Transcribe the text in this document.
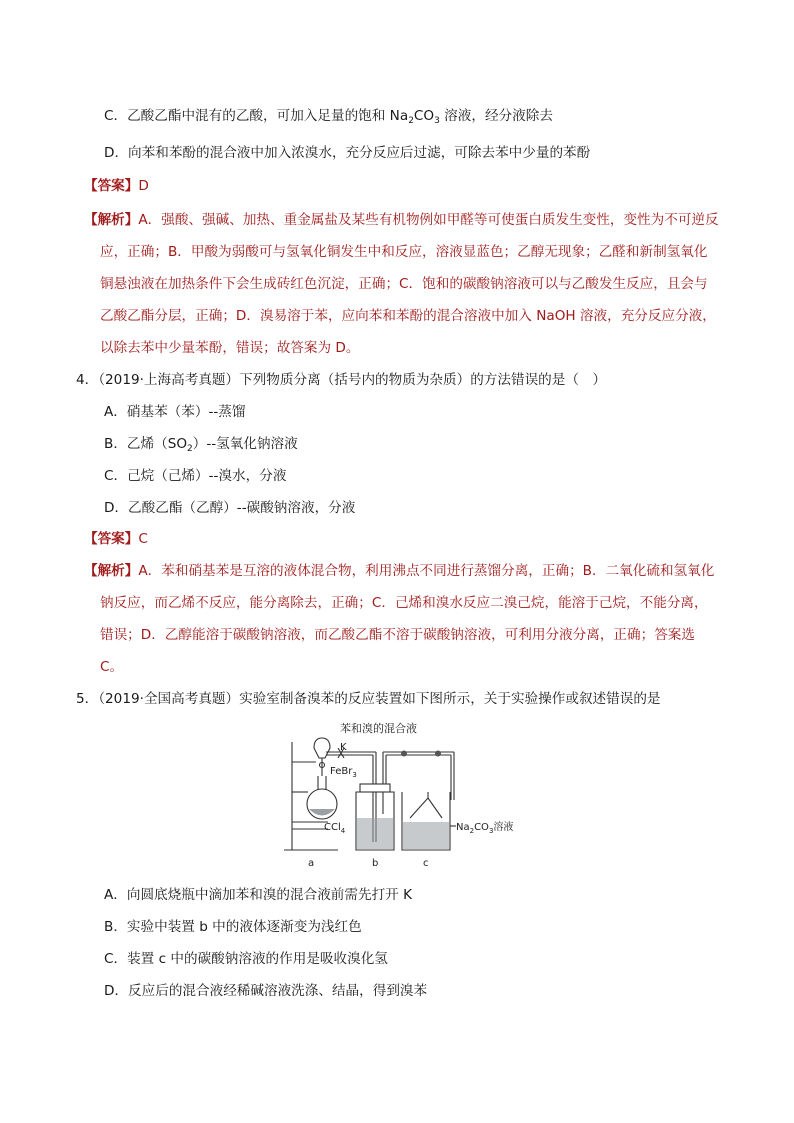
C．乙酸乙酯中混有的乙酸，可加入足量的饱和 $Na_2CO_3$ 溶液，经分液除去
D．向苯和苯酚的混合液中加入浓溴水，充分反应后过滤，可除去苯中少量的苯酚
【答案】D
【解析】A．强酸、强碱、加热、重金属盐及某些有机物例如甲醛等可使蛋白质发生变性，变性为不可逆反
应，正确；B．甲酸为弱酸可与氢氧化铜发生中和反应，溶液显蓝色；乙醇无现象；乙醛和新制氢氧化
铜悬浊液在加热条件下会生成砖红色沉淀，正确；C．饱和的碳酸钠溶液可以与乙酸发生反应，且会与
乙酸乙酯分层，正确；D．溴易溶于苯，应向苯和苯酚的混合溶液中加入 NaOH 溶液，充分反应分液，
以除去苯中少量苯酚，错误；故答案为 D。
4．（2019·上海高考真题）下列物质分离（括号内的物质为杂质）的方法错误的是（　）
A．硝基苯（苯）--蒸馏
B．乙烯$(SO_2)--$氢氧化钠溶液
C．己烷（己烯）--溴水，分液
D．乙酸乙酯（乙醇）--碳酸钠溶液，分液
【答案】C
【解析】A．苯和硝基苯是互溶的液体混合物，利用沸点不同进行蒸馏分离，正确；B．二氧化硫和氢氧化
钠反应，而乙烯不反应，能分离除去，正确；C．己烯和溴水反应二溴己烷，能溶于己烷，不能分离，
错误；D．乙醇能溶于碳酸钠溶液，而乙酸乙酯不溶于碳酸钠溶液，可利用分液分离，正确；答案选
C。
5．（2019·全国高考真题）实验室制备溴苯的反应装置如下图所示，关于实验操作或叙述错误的是
苯和溴的混合液
K
FeBr$_3$
CCl$_4$	$Na_2CO_3$溶液
a	b	c
A．向圆底烧瓶中滴加苯和溴的混合液前需先打开 K
B．实验中装置 b 中的液体逐渐变为浅红色
C．装置 c 中的碳酸钠溶液的作用是吸收溴化氢
D．反应后的混合液经稀碱溶液洗涤、结晶，得到溴苯
